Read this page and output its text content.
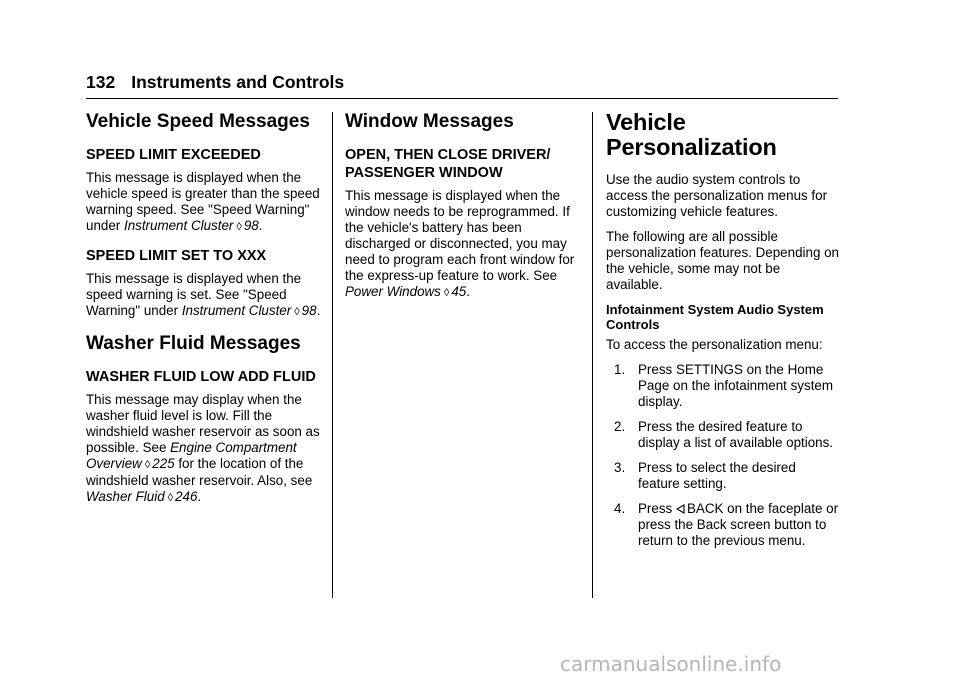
132 Instruments and Controls
Vehicle Speed Messages
SPEED LIMIT EXCEEDED

This message is displayed when the vehicle speed is greater than the speed warning speed. See "Speed Warning" under Instrument Cluster ◊ 98.

SPEED LIMIT SET TO XXX

This message is displayed when the speed warning is set. See "Speed Warning" under Instrument Cluster ◊ 98.

Washer Fluid Messages
WASHER FLUID LOW ADD FLUID

This message may display when the washer fluid level is low. Fill the windshield washer reservoir as soon as possible. See Engine Compartment Overview ◊ 225 for the location of the windshield washer reservoir. Also, see Washer Fluid ◊ 246.

Window Messages
OPEN, THEN CLOSE DRIVER/ PASSENGER WINDOW

This message is displayed when the window needs to be reprogrammed. If the vehicle's battery has been discharged or disconnected, you may need to program each front window for the express-up feature to work. See Power Windows ◊ 45.

Vehicle Personalization

Use the audio system controls to access the personalization menus for customizing vehicle features.

The following are all possible personalization features. Depending on the vehicle, some may not be available.

Infotainment System Audio System Controls

To access the personalization menu:

1. Press SETTINGS on the Home Page on the infotainment system display.
2. Press the desired feature to display a list of available options.
3. Press to select the desired feature setting.
4. Press BACK on the faceplate or press the Back screen button to return to the previous menu.
carmanualsonline.info
